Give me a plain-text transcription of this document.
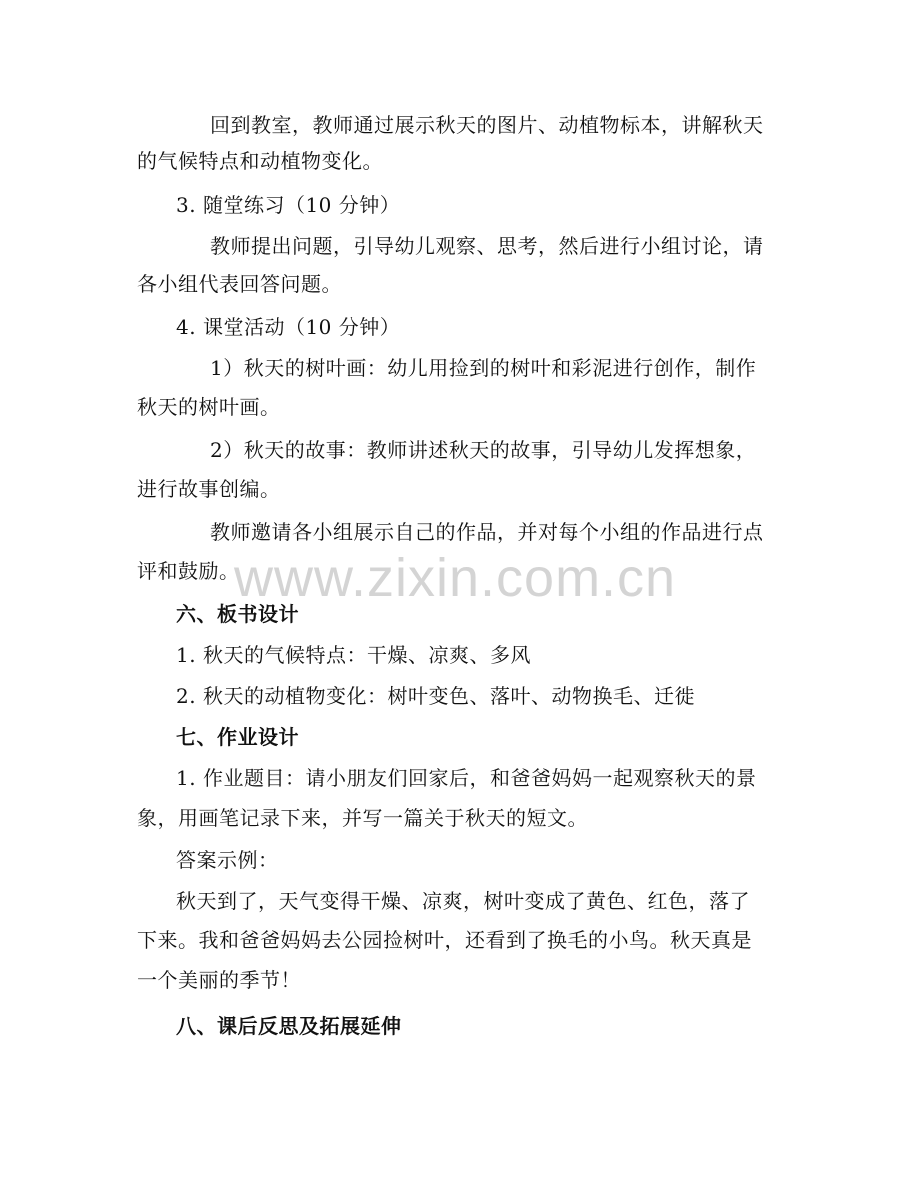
回到教室，教师通过展示秋天的图片、动植物标本，讲解秋天
的气候特点和动植物变化。
3. 随堂练习（10 分钟）
教师提出问题，引导幼儿观察、思考，然后进行小组讨论，请
各小组代表回答问题。
4. 课堂活动（10 分钟）
1）秋天的树叶画：幼儿用捡到的树叶和彩泥进行创作，制作
秋天的树叶画。
2）秋天的故事：教师讲述秋天的故事，引导幼儿发挥想象，
进行故事创编。
教师邀请各小组展示自己的作品，并对每个小组的作品进行点
评和鼓励。
六、板书设计
1. 秋天的气候特点：干燥、凉爽、多风
2. 秋天的动植物变化：树叶变色、落叶、动物换毛、迁徙
七、作业设计
1. 作业题目：请小朋友们回家后，和爸爸妈妈一起观察秋天的景
象，用画笔记录下来，并写一篇关于秋天的短文。
答案示例：
秋天到了，天气变得干燥、凉爽，树叶变成了黄色、红色，落了
下来。我和爸爸妈妈去公园捡树叶，还看到了换毛的小鸟。秋天真是
一个美丽的季节！
八、课后反思及拓展延伸
www.zixin.com.cn
